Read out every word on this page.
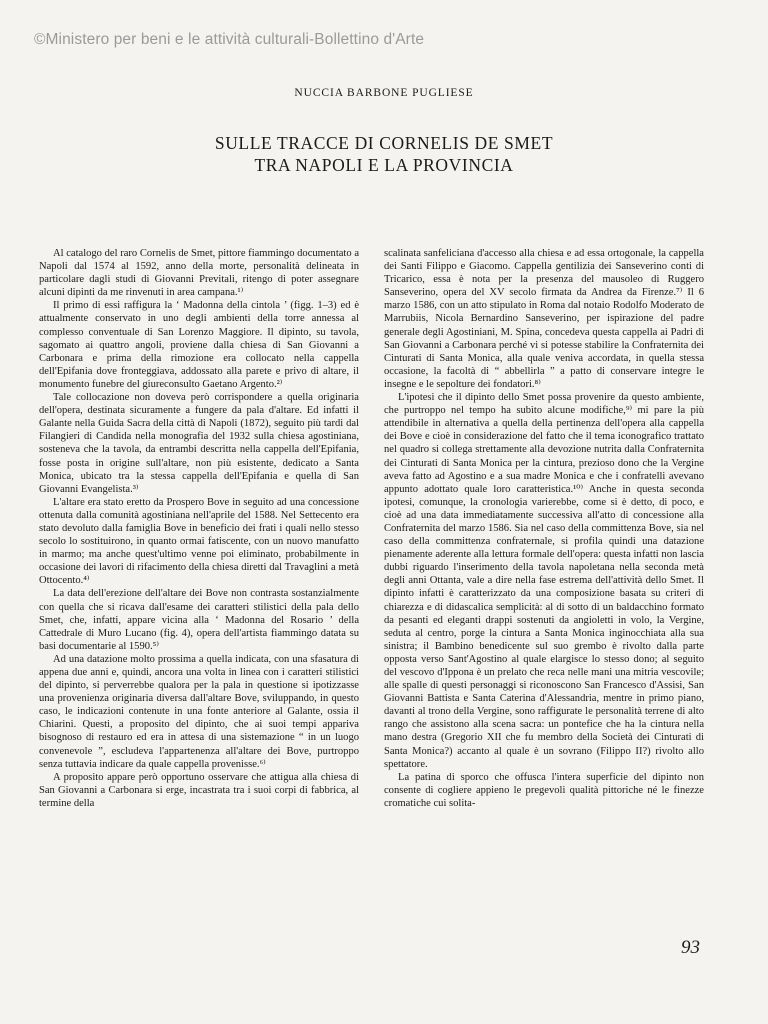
©Ministero per beni e le attività culturali-Bollettino d'Arte
NUCCIA BARBONE PUGLIESE
SULLE TRACCE DI CORNELIS DE SMET
TRA NAPOLI E LA PROVINCIA

Al catalogo del raro Cornelis de Smet, pittore fiammingo documentato a Napoli dal 1574 al 1592, anno della morte, personalità delineata in particolare dagli studi di Giovanni Previtali, ritengo di poter assegnare alcuni dipinti da me rinvenuti in area campana.¹⁾

Il primo di essi raffigura la ‘ Madonna della cintola ’ (figg. 1–3) ed è attualmente conservato in uno degli ambienti della torre annessa al complesso conventuale di San Lorenzo Maggiore. Il dipinto, su tavola, sagomato ai quattro angoli, proviene dalla chiesa di San Giovanni a Carbonara e prima della rimozione era collocato nella cappella dell'Epifania dove fronteggiava, addossato alla parete e privo di altare, il monumento funebre del giureconsulto Gaetano Argento.²⁾

Tale collocazione non doveva però corrispondere a quella originaria dell'opera, destinata sicuramente a fungere da pala d'altare. Ed infatti il Galante nella Guida Sacra della città di Napoli (1872), seguito più tardi dal Filangieri di Candida nella monografia del 1932 sulla chiesa agostiniana, sosteneva che la tavola, da entrambi descritta nella cappella dell'Epifania, fosse posta in origine sull'altare, non più esistente, dedicato a Santa Monica, ubicato tra la stessa cappella dell'Epifania e quella di San Giovanni Evangelista.³⁾

L'altare era stato eretto da Prospero Bove in seguito ad una concessione ottenuta dalla comunità agostiniana nell'aprile del 1588. Nel Settecento era stato devoluto dalla famiglia Bove in beneficio dei frati i quali nello stesso secolo lo sostituirono, in quanto ormai fatiscente, con un nuovo manufatto in marmo; ma anche quest'ultimo venne poi eliminato, probabilmente in occasione dei lavori di rifacimento della chiesa diretti dal Travaglini a metà Ottocento.⁴⁾

La data dell'erezione dell'altare dei Bove non contrasta sostanzialmente con quella che si ricava dall'esame dei caratteri stilistici della pala dello Smet, che, infatti, appare vicina alla ‘ Madonna del Rosario ’ della Cattedrale di Muro Lucano (fig. 4), opera dell'artista fiammingo datata su basi documentarie al 1590.⁵⁾

Ad una datazione molto prossima a quella indicata, con una sfasatura di appena due anni e, quindi, ancora una volta in linea con i caratteri stilistici del dipinto, si perverrebbe qualora per la pala in questione si ipotizzasse una provenienza originaria diversa dall'altare Bove, sviluppando, in questo caso, le indicazioni contenute in una fonte anteriore al Galante, ossia il Chiarini. Questi, a proposito del dipinto, che ai suoi tempi appariva bisognoso di restauro ed era in attesa di una sistemazione “ in un luogo convenevole ”, escludeva l'appartenenza all'altare dei Bove, purtroppo senza tuttavia indicare da quale cappella provenisse.⁶⁾

A proposito appare però opportuno osservare che attigua alla chiesa di San Giovanni a Carbonara si erge, incastrata tra i suoi corpi di fabbrica, al termine della

scalinata sanfeliciana d'accesso alla chiesa e ad essa ortogonale, la cappella dei Santi Filippo e Giacomo. Cappella gentilizia dei Sanseverino conti di Tricarico, essa è nota per la presenza del mausoleo di Ruggero Sanseverino, opera del XV secolo firmata da Andrea da Firenze.⁷⁾ Il 6 marzo 1586, con un atto stipulato in Roma dal notaio Rodolfo Moderato de Marrubiis, Nicola Bernardino Sanseverino, per ispirazione del padre generale degli Agostiniani, M. Spina, concedeva questa cappella ai Padri di San Giovanni a Carbonara perché vi si potesse stabilire la Confraternita dei Cinturati di Santa Monica, alla quale veniva accordata, in quella stessa occasione, la facoltà di “ abbellirla ” a patto di conservare integre le insegne e le sepolture dei fondatori.⁸⁾

L'ipotesi che il dipinto dello Smet possa provenire da questo ambiente, che purtroppo nel tempo ha subìto alcune modifiche,⁹⁾ mi pare la più attendibile in alternativa a quella della pertinenza dell'opera alla cappella dei Bove e cioè in considerazione del fatto che il tema iconografico trattato nel quadro si collega strettamente alla devozione nutrita dalla Confraternita dei Cinturati di Santa Monica per la cintura, prezioso dono che la Vergine aveva fatto ad Agostino e a sua madre Monica e che i confratelli avevano appunto adottato quale loro caratteristica.¹⁰⁾ Anche in questa seconda ipotesi, comunque, la cronologia varierebbe, come si è detto, di poco, e cioè ad una data immediatamente successiva all'atto di concessione alla Confraternita del marzo 1586. Sia nel caso della committenza Bove, sia nel caso della committenza confraternale, si profila quindi una datazione pienamente aderente alla lettura formale dell'opera: questa infatti non lascia dubbi riguardo l'inserimento della tavola napoletana nella seconda metà degli anni Ottanta, vale a dire nella fase estrema dell'attività dello Smet. Il dipinto infatti è caratterizzato da una composizione basata su criteri di chiarezza e di didascalica semplicità: al di sotto di un baldacchino formato da pesanti ed eleganti drappi sostenuti da angioletti in volo, la Vergine, seduta al centro, porge la cintura a Santa Monica inginocchiata alla sua sinistra; il Bambino benedicente sul suo grembo è rivolto dalla parte opposta verso Sant'Agostino al quale elargisce lo stesso dono; al seguito del vescovo d'Ippona è un prelato che reca nelle mani una mitria vescovile; alle spalle di questi personaggi si riconoscono San Francesco d'Assisi, San Giovanni Battista e Santa Caterina d'Alessandria, mentre in primo piano, davanti al trono della Vergine, sono raffigurate le personalità terrene di alto rango che assistono alla scena sacra: un pontefice che ha la cintura nella mano destra (Gregorio XII che fu membro della Società dei Cinturati di Santa Monica?) accanto al quale è un sovrano (Filippo II?) rivolto allo spettatore.

La patina di sporco che offusca l'intera superficie del dipinto non consente di cogliere appieno le pregevoli qualità pittoriche né le finezze cromatiche cui solita-

93
